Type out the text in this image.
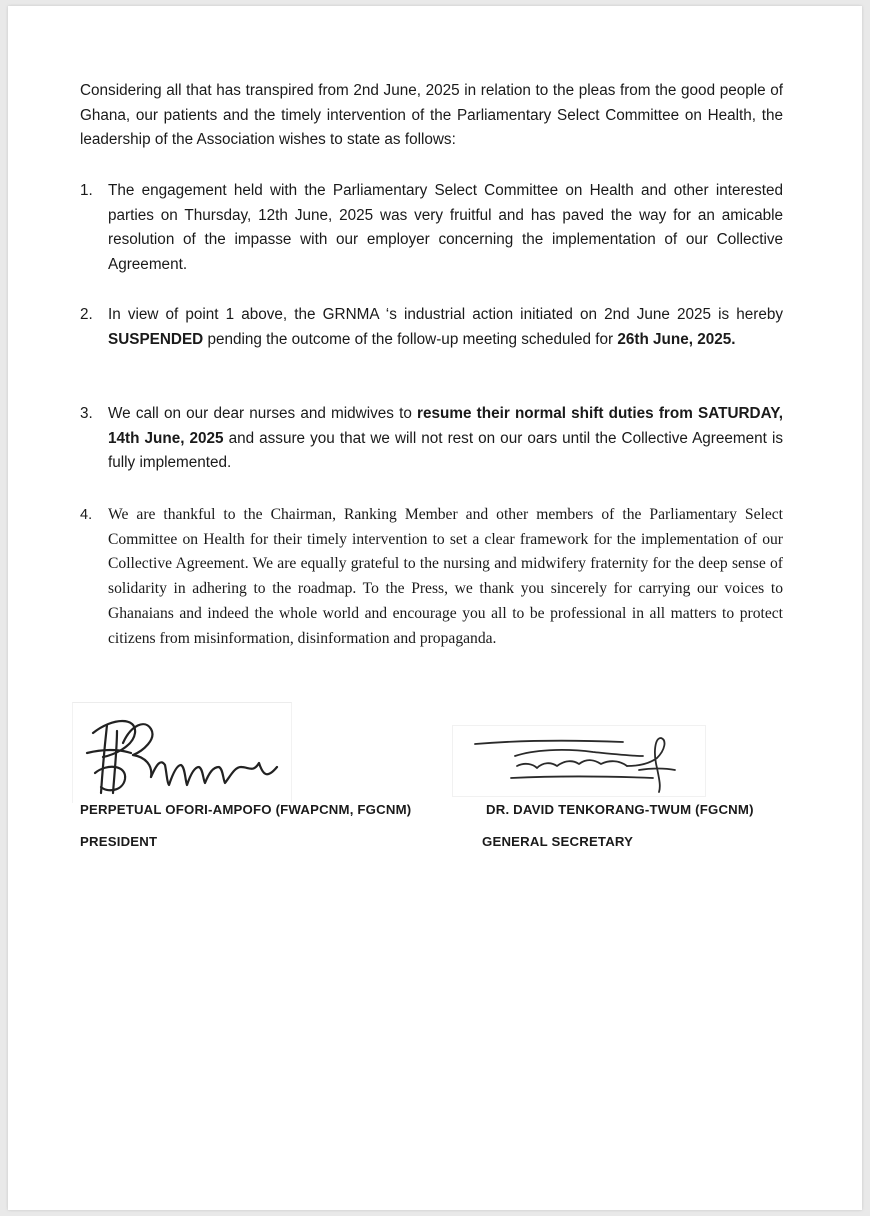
Considering all that has transpired from 2nd June, 2025 in relation to the pleas from the good people of Ghana, our patients and the timely intervention of the Parliamentary Select Committee on Health, the leadership of the Association wishes to state as follows:

1. The engagement held with the Parliamentary Select Committee on Health and other interested parties on Thursday, 12th June, 2025 was very fruitful and has paved the way for an amicable resolution of the impasse with our employer concerning the implementation of our Collective Agreement.
2. In view of point 1 above, the GRNMA ‘s industrial action initiated on 2nd June 2025 is hereby SUSPENDED pending the outcome of the follow-up meeting scheduled for 26th June, 2025.
3. We call on our dear nurses and midwives to resume their normal shift duties from SATURDAY, 14th June, 2025 and assure you that we will not rest on our oars until the Collective Agreement is fully implemented.
4. We are thankful to the Chairman, Ranking Member and other members of the Parliamentary Select Committee on Health for their timely intervention to set a clear framework for the implementation of our Collective Agreement. We are equally grateful to the nursing and midwifery fraternity for the deep sense of solidarity in adhering to the roadmap. To the Press, we thank you sincerely for carrying our voices to Ghanaians and indeed the whole world and encourage you all to be professional in all matters to protect citizens from misinformation, disinformation and propaganda.
PERPETUAL OFORI-AMPOFO (FWAPCNM, FGCNM)
PRESIDENT
DR. DAVID TENKORANG-TWUM (FGCNM)
GENERAL SECRETARY
